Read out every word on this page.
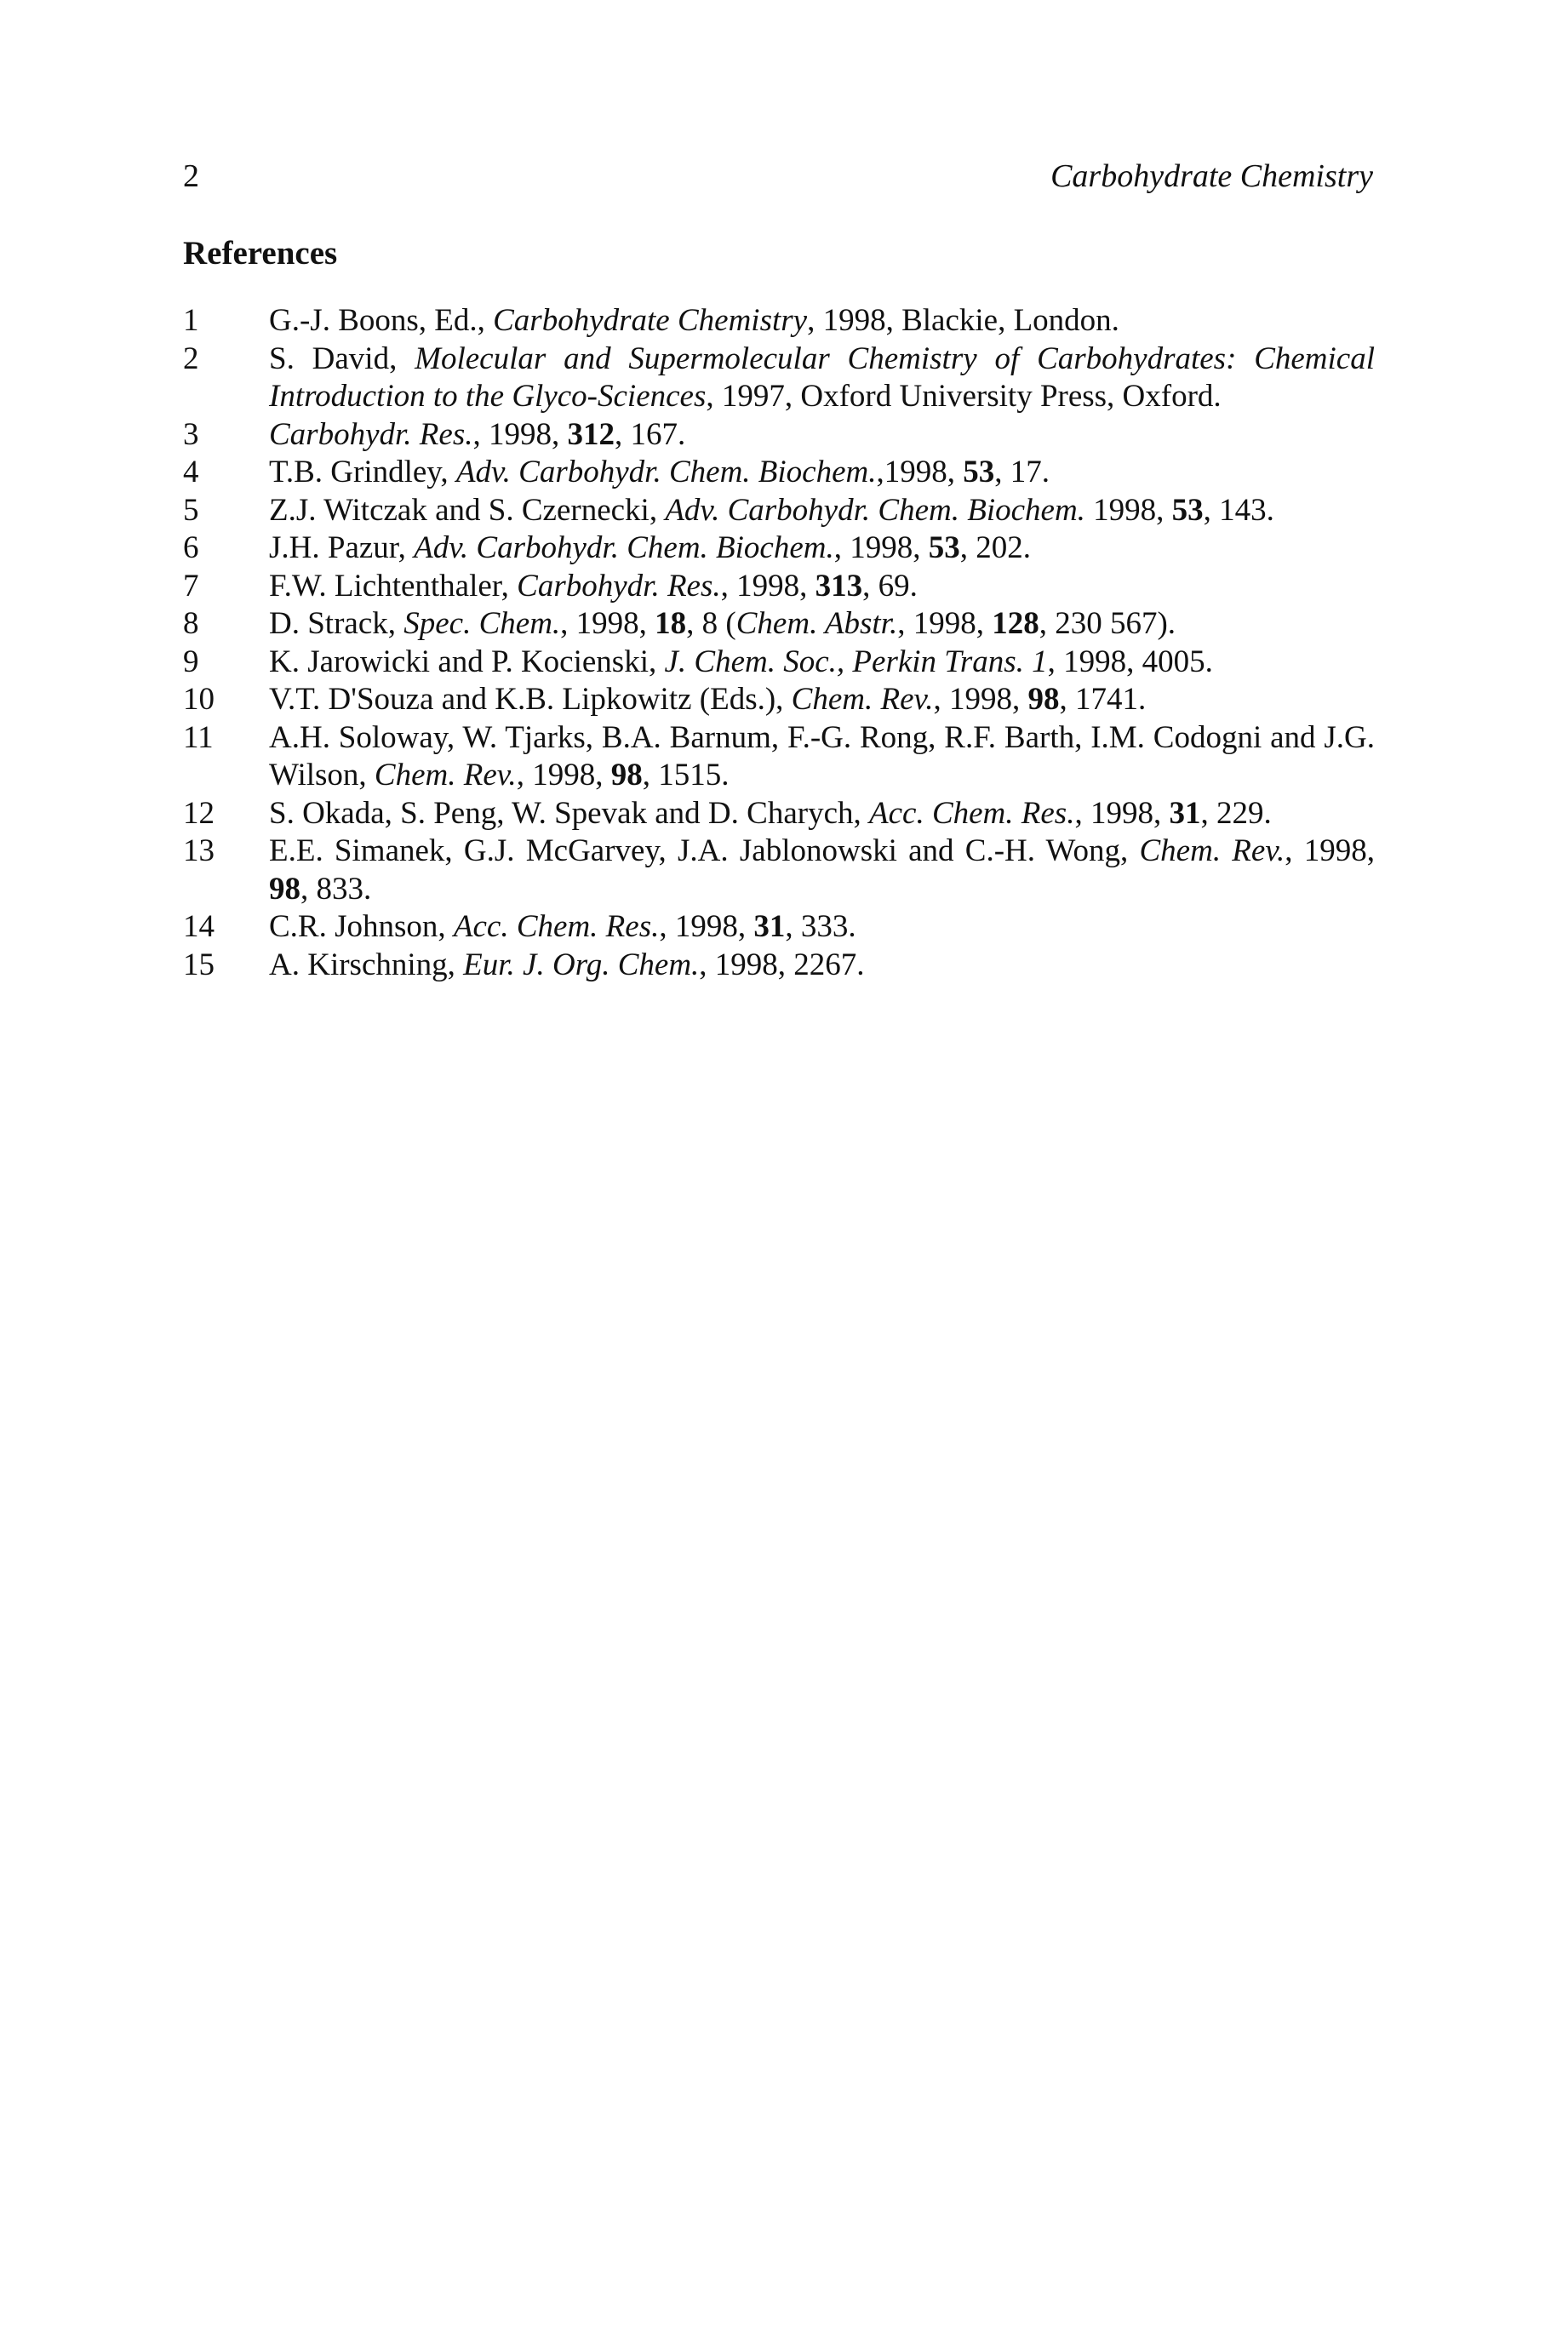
2	Carbohydrate Chemistry
References
1	G.-J. Boons, Ed., Carbohydrate Chemistry, 1998, Blackie, London.
2	S. David, Molecular and Supermolecular Chemistry of Carbohydrates: Chemical Introduction to the Glyco-Sciences, 1997, Oxford University Press, Oxford.
3	Carbohydr. Res., 1998, 312, 167.
4	T.B. Grindley, Adv. Carbohydr. Chem. Biochem.,1998, 53, 17.
5	Z.J. Witczak and S. Czernecki, Adv. Carbohydr. Chem. Biochem. 1998, 53, 143.
6	J.H. Pazur, Adv. Carbohydr. Chem. Biochem., 1998, 53, 202.
7	F.W. Lichtenthaler, Carbohydr. Res., 1998, 313, 69.
8	D. Strack, Spec. Chem., 1998, 18, 8 (Chem. Abstr., 1998, 128, 230 567).
9	K. Jarowicki and P. Kocienski, J. Chem. Soc., Perkin Trans. 1, 1998, 4005.
10	V.T. D'Souza and K.B. Lipkowitz (Eds.), Chem. Rev., 1998, 98, 1741.
11	A.H. Soloway, W. Tjarks, B.A. Barnum, F.-G. Rong, R.F. Barth, I.M. Codogni and J.G. Wilson, Chem. Rev., 1998, 98, 1515.
12	S. Okada, S. Peng, W. Spevak and D. Charych, Acc. Chem. Res., 1998, 31, 229.
13	E.E. Simanek, G.J. McGarvey, J.A. Jablonowski and C.-H. Wong, Chem. Rev., 1998, 98, 833.
14	C.R. Johnson, Acc. Chem. Res., 1998, 31, 333.
15	A. Kirschning, Eur. J. Org. Chem., 1998, 2267.
